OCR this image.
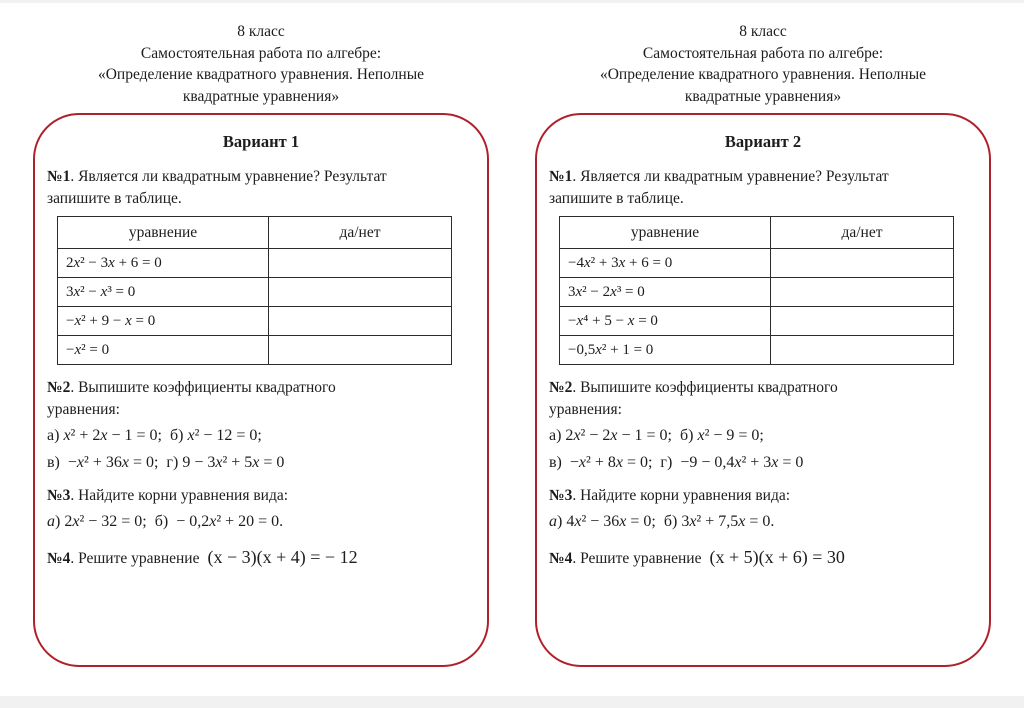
8 класс
Самостоятельная работа по алгебре:
«Определение квадратного уравнения. Неполные
квадратные уравнения»
8 класс
Самостоятельная работа по алгебре:
«Определение квадратного уравнения. Неполные
квадратные уравнения»
Вариант 1

№1. Является ли квадратным уравнение? Результат
запишите в таблице.

уравнение	да/нет
2x² − 3x + 6 = 0	
3x² − x³ = 0	
−x² + 9 − x = 0	
−x² = 0	

№2. Выпишите коэффициенты квадратного
уравнения:
а) x² + 2x − 1 = 0;  б) x² − 12 = 0;
в)  −x² + 36x = 0;  г) 9 − 3x² + 5x = 0

№3. Найдите корни уравнения вида:
a) 2x² − 32 = 0;  б)  − 0,2x² + 20 = 0.

№4. Решите уравнение (х − 3)(х + 4) = − 12

Вариант 2

№1. Является ли квадратным уравнение? Результат
запишите в таблице.

уравнение	да/нет
−4x² + 3x + 6 = 0	
3x² − 2x³ = 0	
−x⁴ + 5 − x = 0	
−0,5x² + 1 = 0	

№2. Выпишите коэффициенты квадратного
уравнения:
а) 2x² − 2x − 1 = 0;  б) x² − 9 = 0;
в)  −x² + 8x = 0;  г)  −9 − 0,4x² + 3x = 0

№3. Найдите корни уравнения вида:
a) 4x² − 36x = 0;  б) 3x² + 7,5x = 0.

№4. Решите уравнение (х + 5)(х + 6) = 30
